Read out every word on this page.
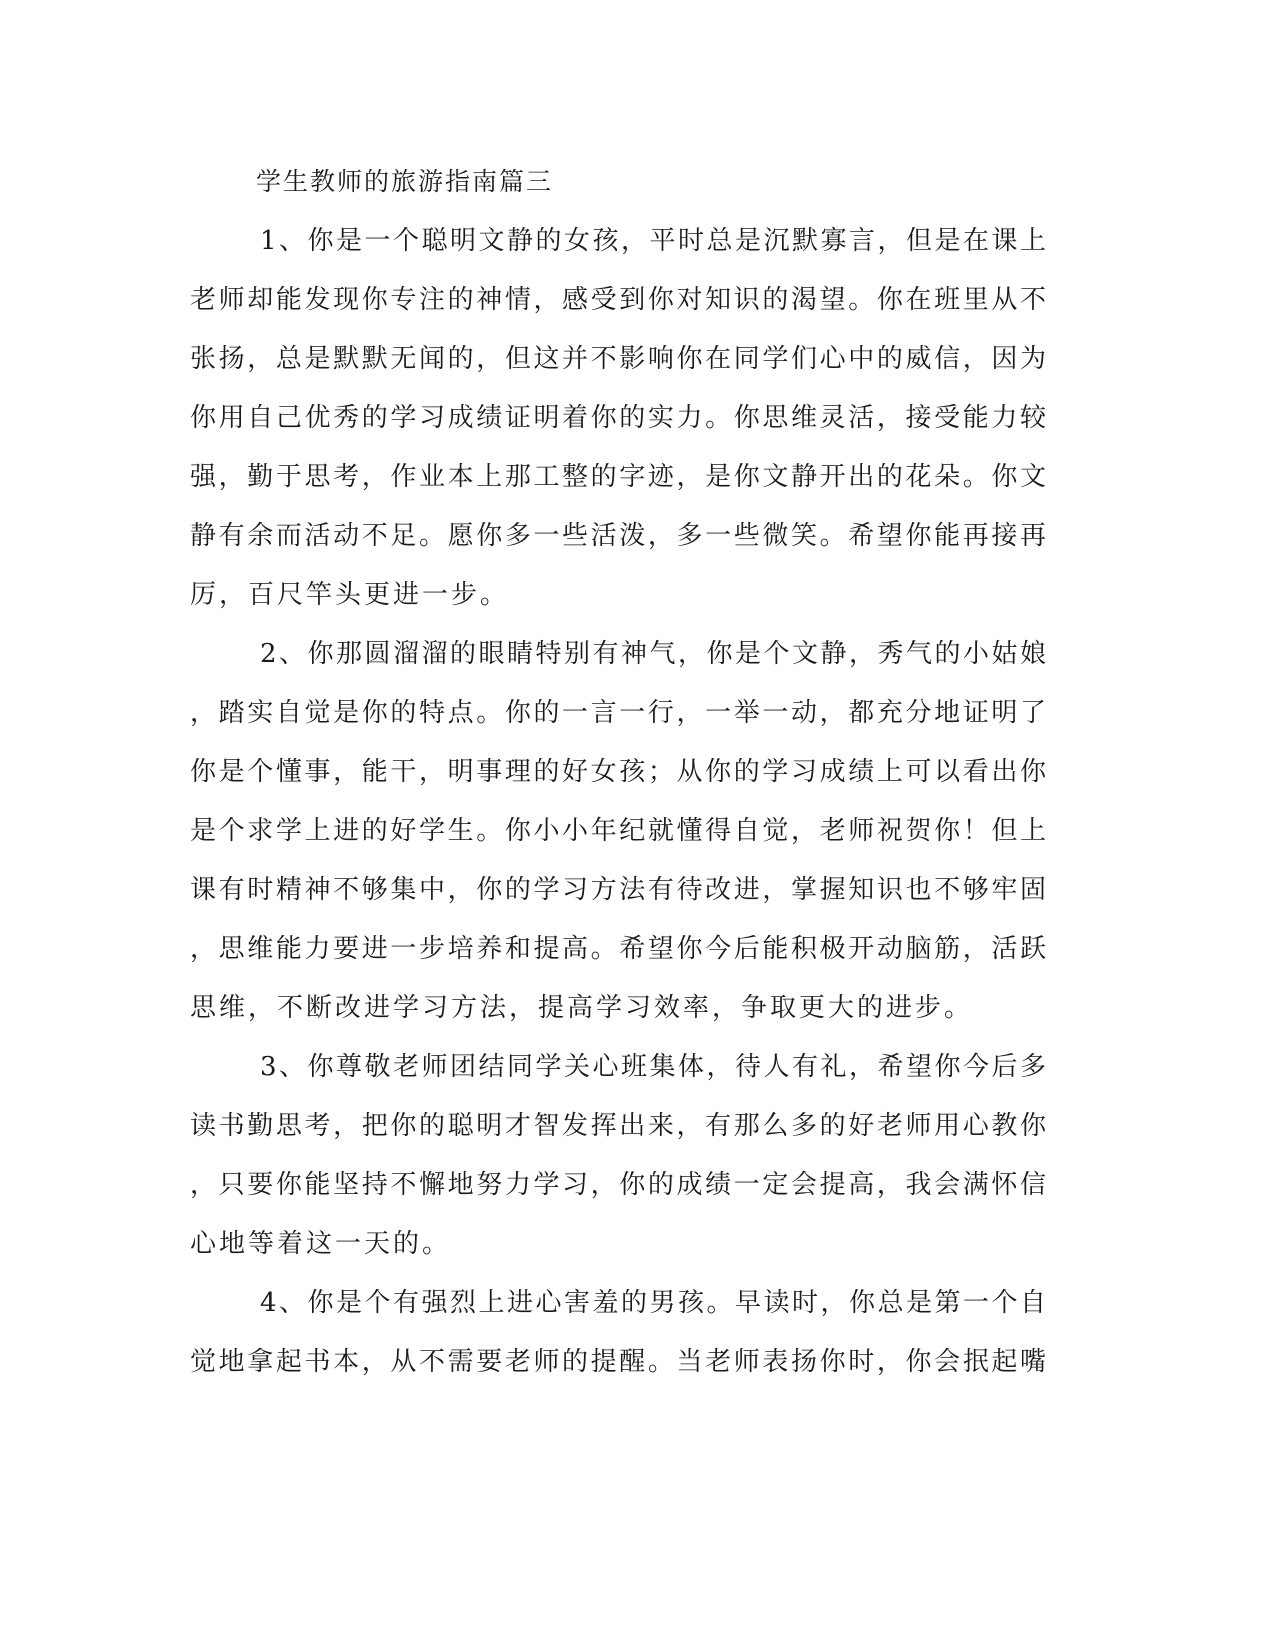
学生教师的旅游指南篇三
1、你是一个聪明文静的女孩，平时总是沉默寡言，但是在课上
老师却能发现你专注的神情，感受到你对知识的渴望。你在班里从不
张扬，总是默默无闻的，但这并不影响你在同学们心中的威信，因为
你用自己优秀的学习成绩证明着你的实力。你思维灵活，接受能力较
强，勤于思考，作业本上那工整的字迹，是你文静开出的花朵。你文
静有余而活动不足。愿你多一些活泼，多一些微笑。希望你能再接再
厉，百尺竿头更进一步。
2、你那圆溜溜的眼睛特别有神气，你是个文静，秀气的小姑娘
，踏实自觉是你的特点。你的一言一行，一举一动，都充分地证明了
你是个懂事，能干，明事理的好女孩；从你的学习成绩上可以看出你
是个求学上进的好学生。你小小年纪就懂得自觉，老师祝贺你！但上
课有时精神不够集中，你的学习方法有待改进，掌握知识也不够牢固
，思维能力要进一步培养和提高。希望你今后能积极开动脑筋，活跃
思维，不断改进学习方法，提高学习效率，争取更大的进步。
3、你尊敬老师团结同学关心班集体，待人有礼，希望你今后多
读书勤思考，把你的聪明才智发挥出来，有那么多的好老师用心教你
，只要你能坚持不懈地努力学习，你的成绩一定会提高，我会满怀信
心地等着这一天的。
4、你是个有强烈上进心害羞的男孩。早读时，你总是第一个自
觉地拿起书本，从不需要老师的提醒。当老师表扬你时，你会抿起嘴
